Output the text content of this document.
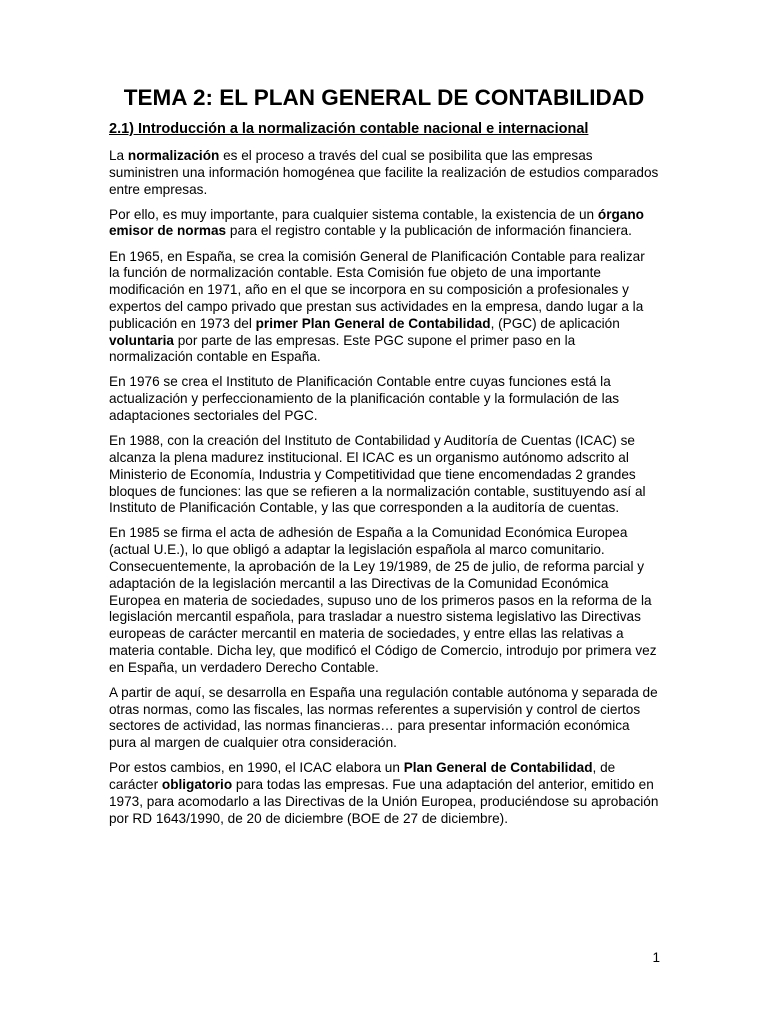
TEMA 2: EL PLAN GENERAL DE CONTABILIDAD
2.1) Introducción a la normalización contable nacional e internacional

La normalización es el proceso a través del cual se posibilita que las empresas suministren una información homogénea que facilite la realización de estudios comparados entre empresas.

Por ello, es muy importante, para cualquier sistema contable, la existencia de un órgano emisor de normas para el registro contable y la publicación de información financiera.

En 1965, en España, se crea la comisión General de Planificación Contable para realizar la función de normalización contable. Esta Comisión fue objeto de una importante modificación en 1971, año en el que se incorpora en su composición a profesionales y expertos del campo privado que prestan sus actividades en la empresa, dando lugar a la publicación en 1973 del primer Plan General de Contabilidad, (PGC) de aplicación voluntaria por parte de las empresas. Este PGC supone el primer paso en la normalización contable en España.

En 1976 se crea el Instituto de Planificación Contable entre cuyas funciones está la actualización y perfeccionamiento de la planificación contable y la formulación de las adaptaciones sectoriales del PGC.

En 1988, con la creación del Instituto de Contabilidad y Auditoría de Cuentas (ICAC) se alcanza la plena madurez institucional. El ICAC es un organismo autónomo adscrito al Ministerio de Economía, Industria y Competitividad que tiene encomendadas 2 grandes bloques de funciones: las que se refieren a la normalización contable, sustituyendo así al Instituto de Planificación Contable, y las que corresponden a la auditoría de cuentas.

En 1985 se firma el acta de adhesión de España a la Comunidad Económica Europea (actual U.E.), lo que obligó a adaptar la legislación española al marco comunitario. Consecuentemente, la aprobación de la Ley 19/1989, de 25 de julio, de reforma parcial y adaptación de la legislación mercantil a las Directivas de la Comunidad Económica Europea en materia de sociedades, supuso uno de los primeros pasos en la reforma de la legislación mercantil española, para trasladar a nuestro sistema legislativo las Directivas europeas de carácter mercantil en materia de sociedades, y entre ellas las relativas a materia contable. Dicha ley, que modificó el Código de Comercio, introdujo por primera vez en España, un verdadero Derecho Contable.

A partir de aquí, se desarrolla en España una regulación contable autónoma y separada de otras normas, como las fiscales, las normas referentes a supervisión y control de ciertos sectores de actividad, las normas financieras… para presentar información económica pura al margen de cualquier otra consideración.

Por estos cambios, en 1990, el ICAC elabora un Plan General de Contabilidad, de carácter obligatorio para todas las empresas. Fue una adaptación del anterior, emitido en 1973, para acomodarlo a las Directivas de la Unión Europea, produciéndose su aprobación por RD 1643/1990, de 20 de diciembre (BOE de 27 de diciembre).

1
